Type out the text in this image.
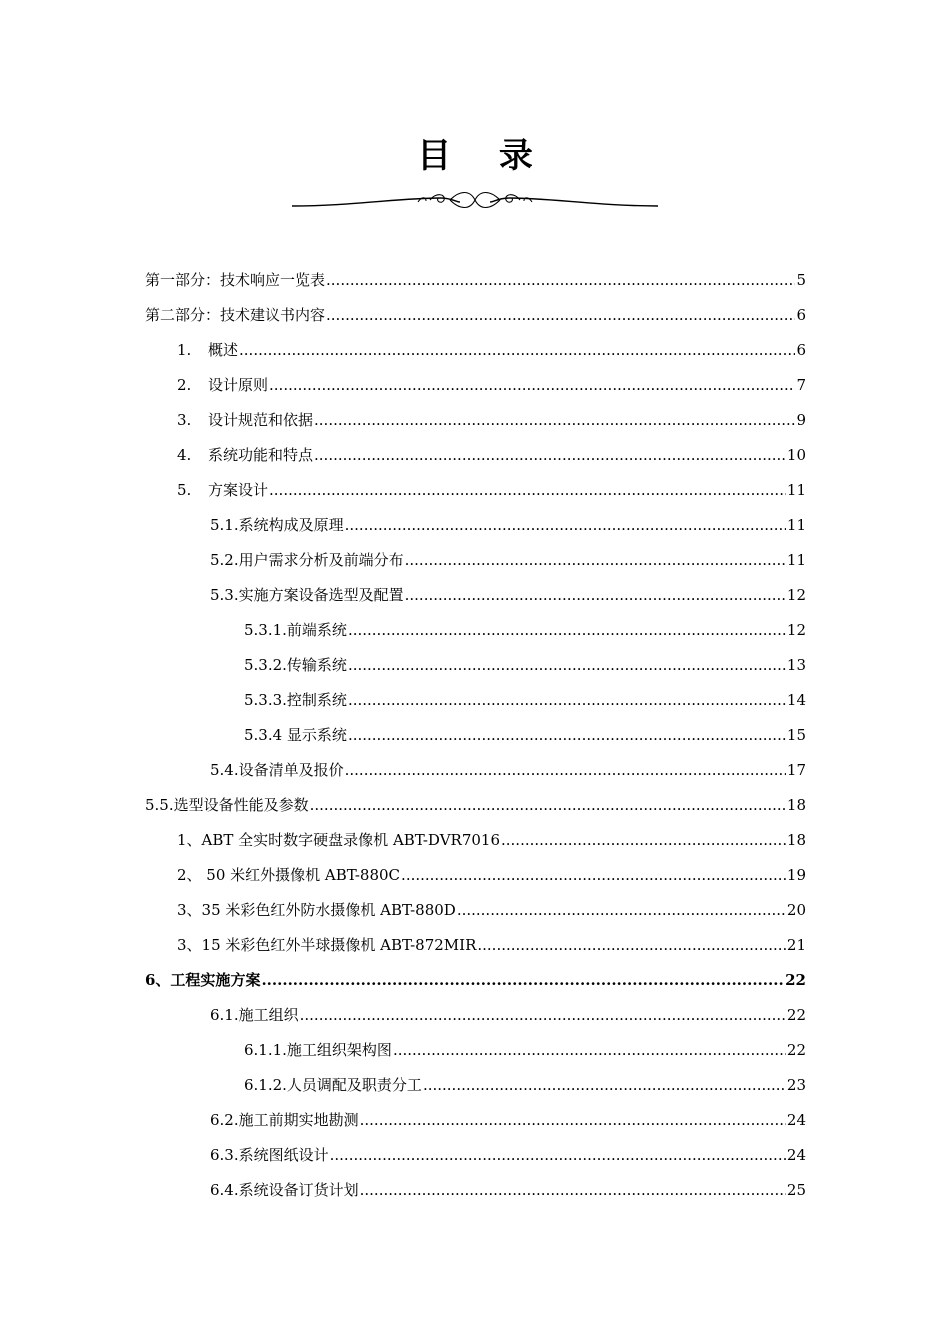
目 录
第一部分：技术响应一览表 .....	5
第二部分：技术建议书内容 .....	6
1. 概述 .....	6
2. 设计原则 .....	7
3. 设计规范和依据 .....	9
4. 系统功能和特点 .....	10
5. 方案设计 .....	11
5.1.系统构成及原理 .....	11
5.2.用户需求分析及前端分布 .....	11
5.3.实施方案设备选型及配置 .....	12
5.3.1.前端系统 .....	12
5.3.2.传输系统 .....	13
5.3.3.控制系统 .....	14
5.3.4 显示系统 .....	15
5.4.设备清单及报价 .....	17
5.5.选型设备性能及参数 .....	18
1、ABT 全实时数字硬盘录像机 ABT-DVR7016 .....	18
2、 50 米红外摄像机 ABT-880C .....	19
3、35 米彩色红外防水摄像机 ABT-880D .....	20
3、15 米彩色红外半球摄像机 ABT-872MIR .....	21
6、工程实施方案 .....	22
6.1.施工组织 .....	22
6.1.1.施工组织架构图 .....	22
6.1.2.人员调配及职责分工 .....	23
6.2.施工前期实地勘测 .....	24
6.3.系统图纸设计 .....	24
6.4.系统设备订货计划 .....	25
